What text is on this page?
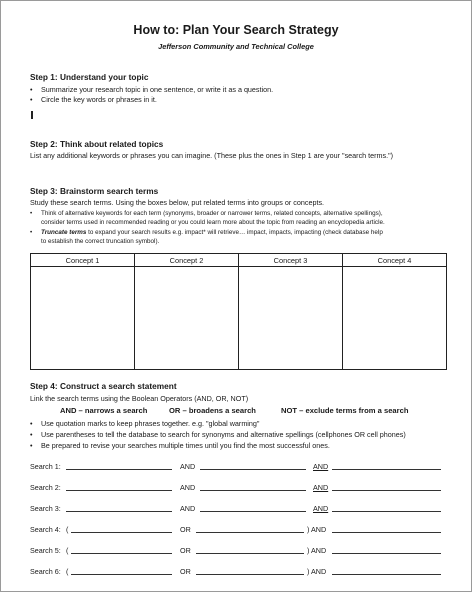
How to: Plan Your Search Strategy
Jefferson Community and Technical College
Step 1: Understand your topic
• Summarize your research topic in one sentence, or write it as a question.
• Circle the key words or phrases in it.
Step 2: Think about related topics
List any additional keywords or phrases you can imagine. (These plus the ones in Step 1 are your "search terms.")
Step 3: Brainstorm search terms
Study these search terms. Using the boxes below, put related terms into groups or concepts.
• Think of alternative keywords for each term (synonyms, broader or narrower terms, related concepts, alternative spellings),
consider terms used in recommended reading or you could learn more about the topic from reading an encyclopedia article.
• Truncate terms to expand your search results e.g. impact* will retrieve… impact, impacts, impacting (check database help
to establish the correct truncation symbol).
Concept 1	Concept 2	Concept 3	Concept 4

Step 4: Construct a search statement
Link the search terms using the Boolean Operators (AND, OR, NOT)
AND – narrows a search	OR – broadens a search	NOT – exclude terms from a search
• Use quotation marks to keep phrases together. e.g. "global warming"
• Use parentheses to tell the database to search for synonyms and alternative spellings (cellphones OR cell phones)
• Be prepared to revise your searches multiple times until you find the most successful ones.
Search 1:	AND	AND
Search 2:	AND	AND
Search 3:	AND	AND
Search 4: (	OR	) AND
Search 5: (	OR	) AND
Search 6: (	OR	) AND
